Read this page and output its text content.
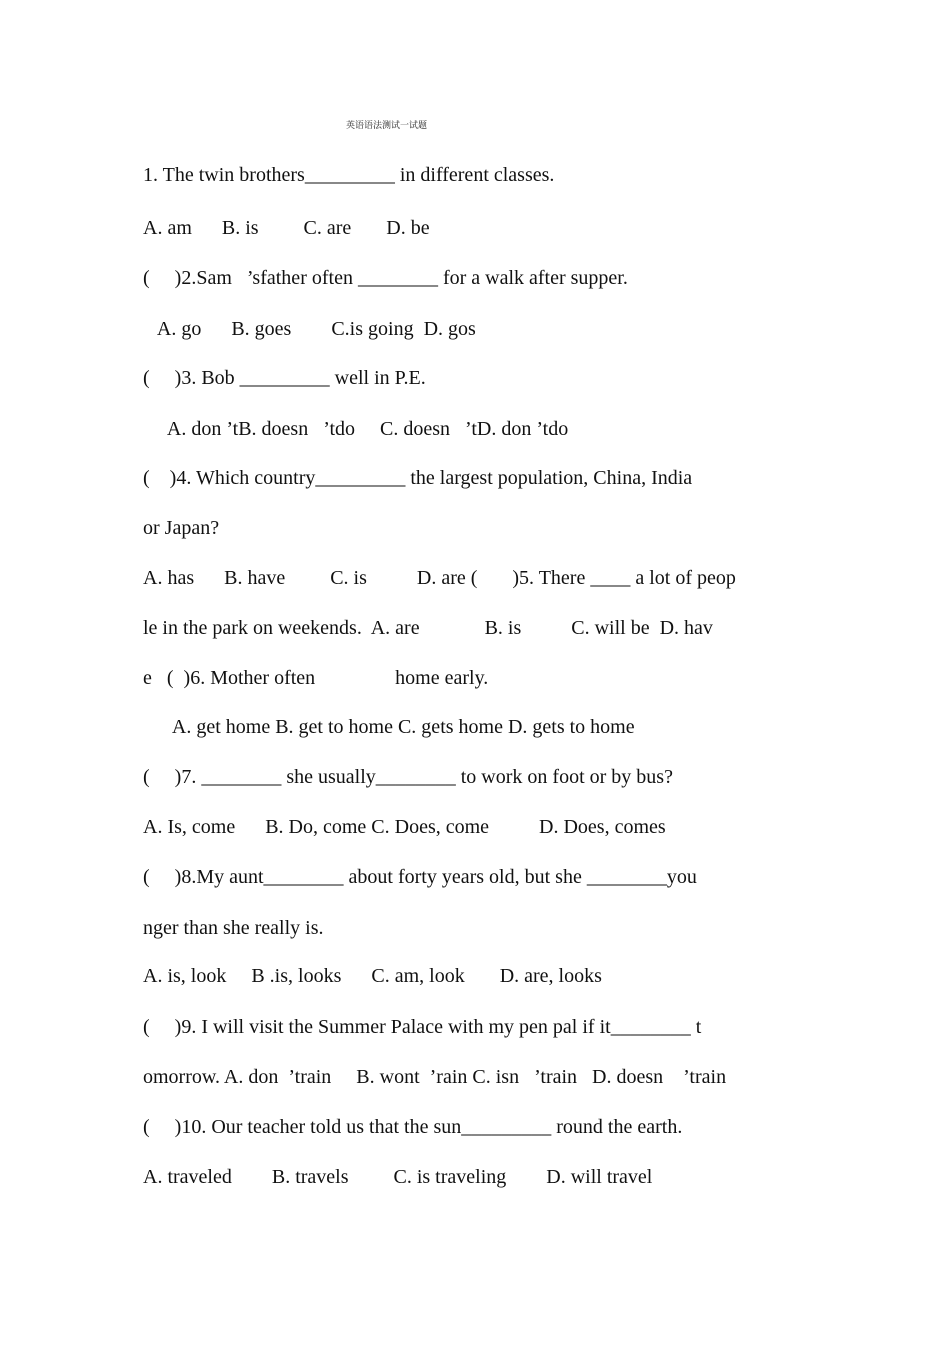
英语语法测试一试题
1. The twin brothers_________ in different classes.
A. am      B. is         C. are       D. be
(     )2.Sam   ’sfather often ________ for a walk after supper.
A. go      B. goes        C.is going  D. gos
(     )3. Bob _________ well in P.E.
A. don ’tB. doesn   ’tdo     C. doesn   ’tD. don ’tdo
(    )4. Which country_________ the largest population, China, India
or Japan?
A. has      B. have         C. is          D. are (       )5. There ____ a lot of peop
le in the park on weekends.  A. are             B. is          C. will be  D. hav
e   (  )6. Mother often                home early.
A. get home B. get to home C. gets home D. gets to home
(     )7. ________ she usually________ to work on foot or by bus?
A. Is, come      B. Do, come C. Does, come          D. Does, comes
(     )8.My aunt________ about forty years old, but she ________you
nger than she really is.
A. is, look     B .is, looks      C. am, look       D. are, looks
(     )9. I will visit the Summer Palace with my pen pal if it________ t
omorrow. A. don  ’train     B. wont  ’rain C. isn   ’train   D. doesn    ’train
(     )10. Our teacher told us that the sun_________ round the earth.
A. traveled        B. travels         C. is traveling        D. will travel
